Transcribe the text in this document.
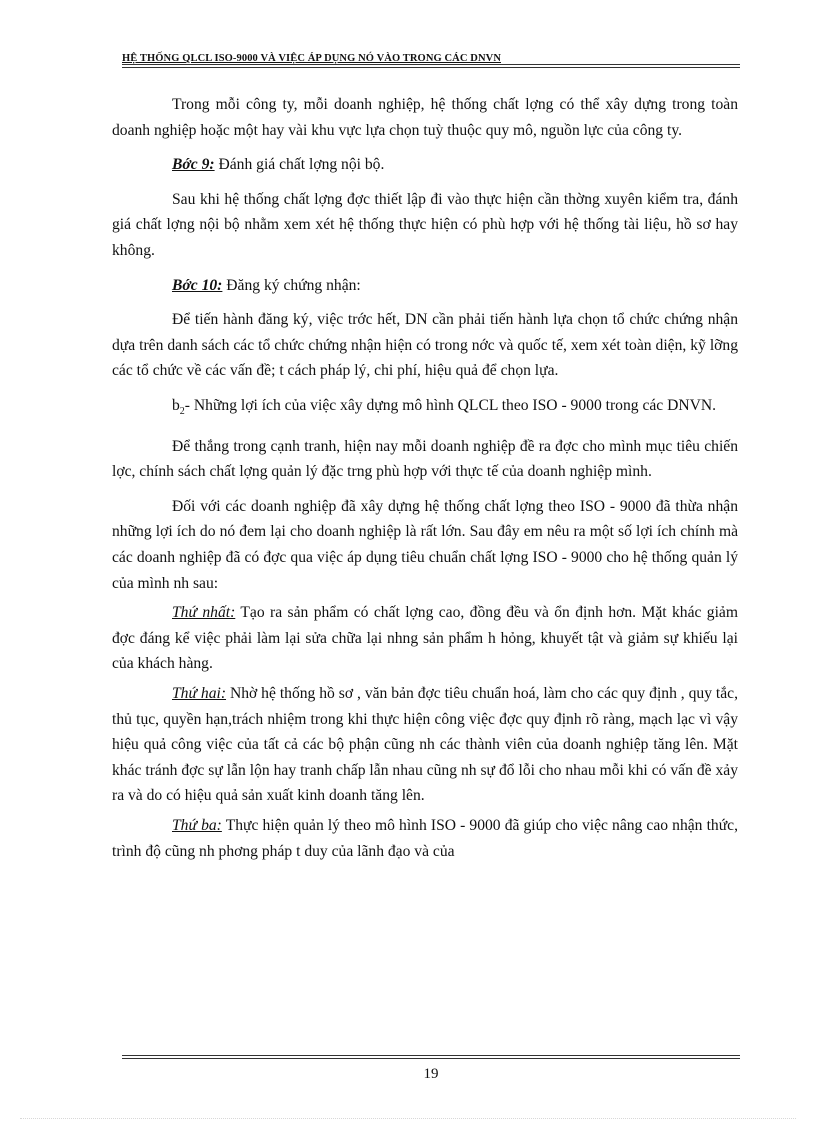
HỆ THỐNG QLCL ISO-9000 VÀ VIỆC ÁP DỤNG NÓ VÀO TRONG CÁC DNVN

Trong mỗi công ty, mỗi doanh nghiệp, hệ thống chất lợng có thể xây dựng trong toàn doanh nghiệp hoặc một hay vài khu vực lựa chọn tuỳ thuộc quy mô, nguồn lực của công ty.

Bớc 9: Đánh giá chất lợng nội bộ.

Sau khi hệ thống chất lợng đợc thiết lập đi vào thực hiện cần thờng xuyên kiểm tra, đánh giá chất lợng nội bộ nhằm xem xét hệ thống thực hiện có phù hợp với hệ thống tài liệu, hồ sơ hay không.

Bớc 10: Đăng ký chứng nhận:

Để tiến hành đăng ký, việc trớc hết, DN cần phải tiến hành lựa chọn tổ chức chứng nhận dựa trên danh sách các tổ chức chứng nhận hiện có trong nớc và quốc tế, xem xét toàn diện, kỹ lỡng các tổ chức về các vấn đề; t cách pháp lý, chi phí, hiệu quả để chọn lựa.

$b_2-$ Những lợi ích của việc xây dựng mô hình QLCL theo ISO - 9000 trong các DNVN.

Để thắng trong cạnh tranh, hiện nay mỗi doanh nghiệp đề ra đợc cho mình mục tiêu chiến lợc, chính sách chất lợng quản lý đặc trng phù hợp với thực tế của doanh nghiệp mình.

Đối với các doanh nghiệp đã xây dựng hệ thống chất lợng theo ISO - 9000 đã thừa nhận những lợi ích do nó đem lại cho doanh nghiệp là rất lớn. Sau đây em nêu ra một số lợi ích chính mà các doanh nghiệp đã có đợc qua việc áp dụng tiêu chuẩn chất lợng ISO - 9000 cho hệ thống quản lý của mình nh sau:

Thứ nhất: Tạo ra sản phẩm có chất lợng cao, đồng đều và ổn định hơn. Mặt khác giảm đợc đáng kể việc phải làm lại sửa chữa lại nhng sản phẩm h hỏng, khuyết tật và giảm sự khiếu lại của khách hàng.

Thứ hai: Nhờ hệ thống hồ sơ , văn bản đợc tiêu chuẩn hoá, làm cho các quy định , quy tắc, thủ tục, quyền hạn,trách nhiệm trong khi thực hiện công việc đợc quy định rõ ràng, mạch lạc vì vậy hiệu quả công việc của tất cả các bộ phận cũng nh các thành viên của doanh nghiệp tăng lên. Mặt khác tránh đợc sự lẫn lộn hay tranh chấp lẫn nhau cũng nh sự đổ lỗi cho nhau mỗi khi có vấn đề xảy ra và do có hiệu quả sản xuất kinh doanh tăng lên.

Thứ ba: Thực hiện quản lý theo mô hình ISO - 9000 đã giúp cho việc nâng cao nhận thức, trình độ cũng nh phơng pháp t duy của lãnh đạo và của

19
